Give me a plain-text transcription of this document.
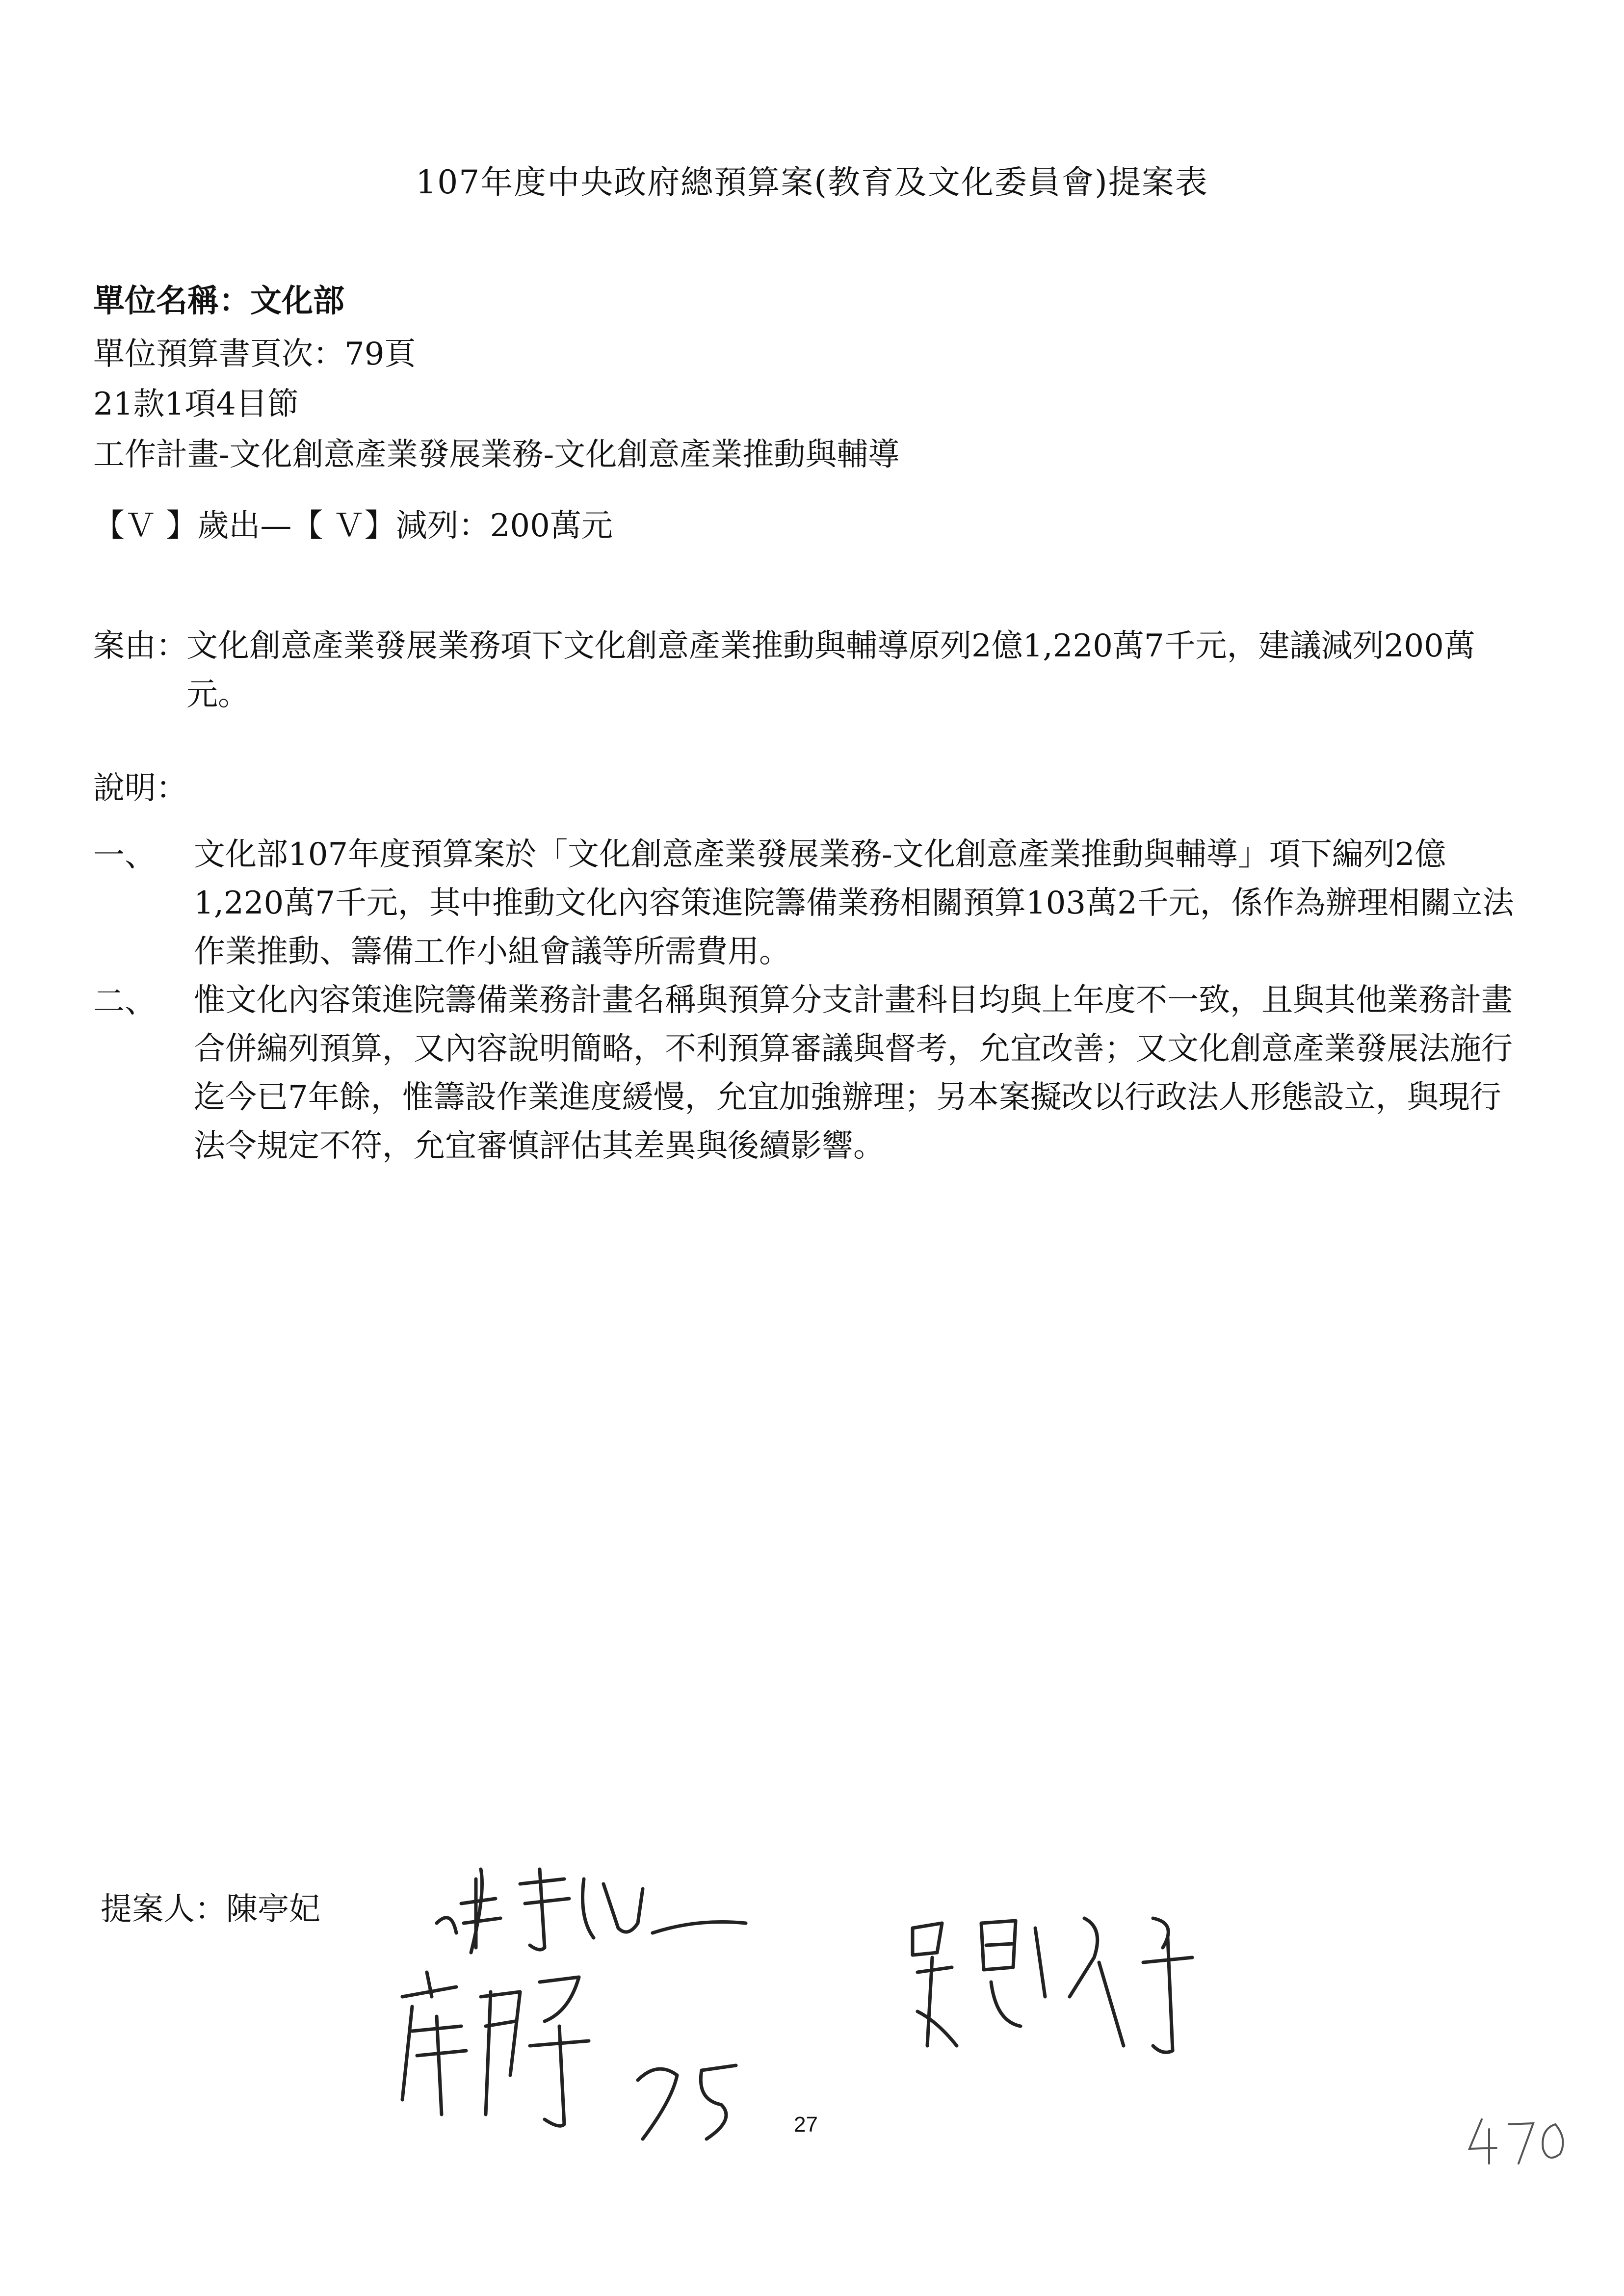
107年度中央政府總預算案(教育及文化委員會)提案表
單位名稱：文化部
單位預算書頁次：79頁
21款1項4目節
工作計畫-文化創意產業發展業務-文化創意產業推動與輔導
【Ｖ 】歲出—【 Ｖ】減列：200萬元
案由：
文化創意產業發展業務項下文化創意產業推動與輔導原列2億1,220萬7千元，建議減列200萬元。
說明：
一、 文化部107年度預算案於「文化創意產業發展業務-文化創意產業推動與輔導」項下編列2億1,220萬7千元，其中推動文化內容策進院籌備業務相關預算103萬2千元，係作為辦理相關立法作業推動、籌備工作小組會議等所需費用。
二、 惟文化內容策進院籌備業務計畫名稱與預算分支計畫科目均與上年度不一致，且與其他業務計畫合併編列預算，又內容說明簡略，不利預算審議與督考，允宜改善；又文化創意產業發展法施行迄今已7年餘，惟籌設作業進度緩慢，允宜加強辦理；另本案擬改以行政法人形態設立，與現行法令規定不符，允宜審慎評估其差異與後續影響。
提案人：陳亭妃
27
